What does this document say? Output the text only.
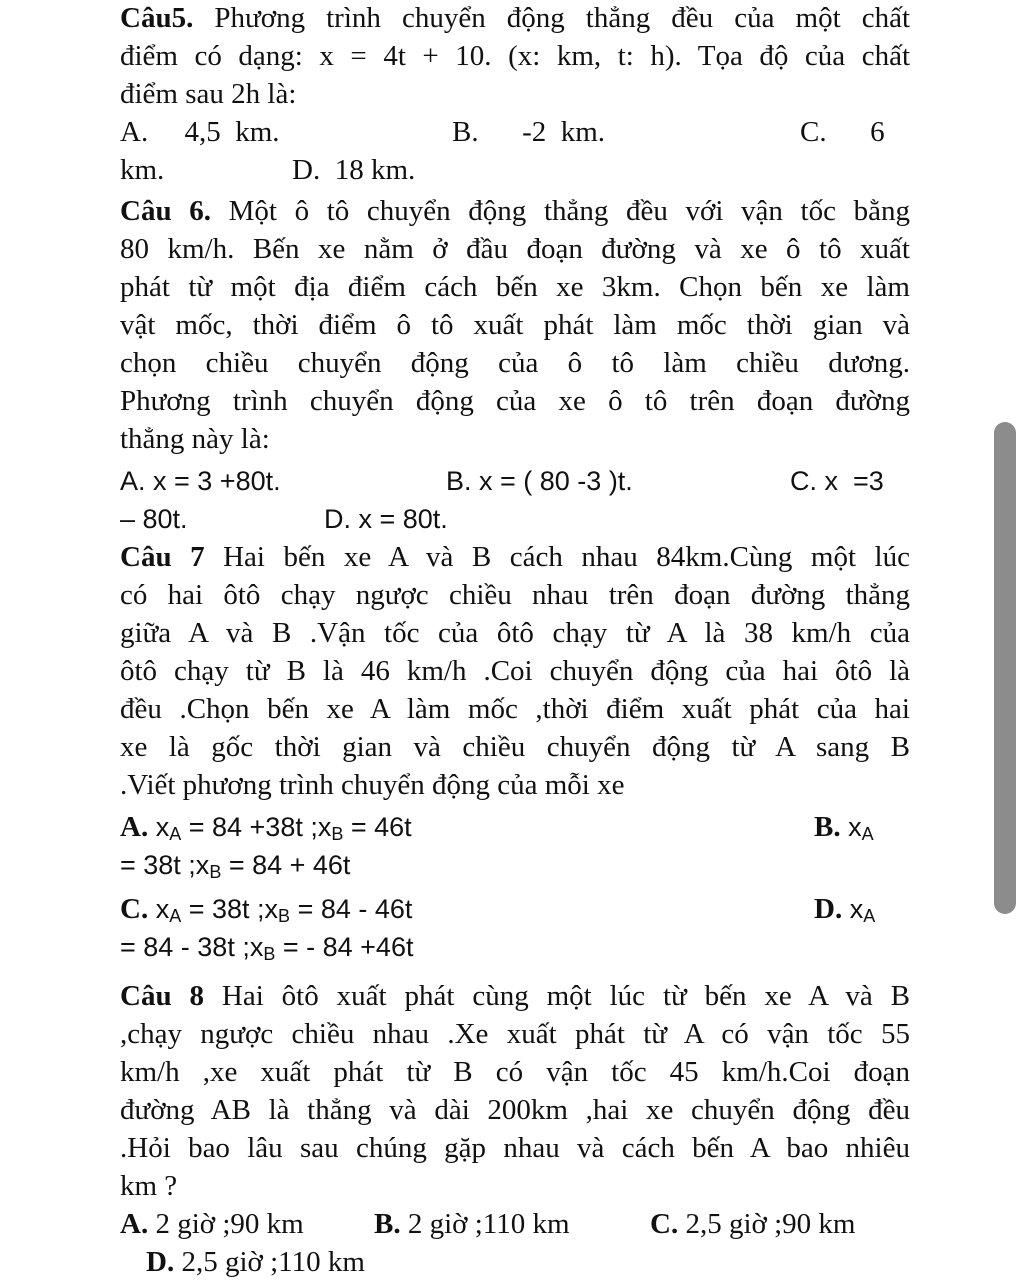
Câu5. Phương trình chuyển động thẳng đều của một chất
điểm có dạng: x = 4t + 10. (x: km, t: h). Tọa độ của chất
điểm sau 2h là:
A.     4,5  km.	B.      -2  km.	C.      6
km.	D.  18 km.
Câu 6. Một ô tô chuyển động thẳng đều với vận tốc bằng
80 km/h. Bến xe nằm ở đầu đoạn đường và xe ô tô xuất
phát từ một địa điểm cách bến xe 3km. Chọn bến xe làm
vật mốc, thời điểm ô tô xuất phát làm mốc thời gian và
chọn chiều chuyển động của ô tô làm chiều dương.
Phương trình chuyển động của xe ô tô trên đoạn đường
thẳng này là:
A. x = 3 +80t.	B. x = ( 80 -3 )t.	C. x  =3
– 80t.	D. x = 80t.
Câu 7 Hai bến xe A và B cách nhau 84km.Cùng một lúc
có hai ôtô chạy ngược chiều nhau trên đoạn đường thẳng
giữa A và B .Vận tốc của ôtô chạy từ A là 38 km/h của
ôtô chạy từ B là 46 km/h .Coi chuyển động của hai ôtô là
đều .Chọn bến xe A làm mốc ,thời điểm xuất phát của hai
xe là gốc thời gian và chiều chuyển động từ A sang B
.Viết phương trình chuyển động của mỗi xe
A. $x_A = 84 +38t$ $;x_B = 46t$	B. $x_A$
= 38t $;x_B = 84 + 46t$
C. $x_A = 38t$ $;x_B = 84 - 46t$	D. $x_A$
= 84 - 38t $;x_B$ = - 84 +46t
Câu 8 Hai ôtô xuất phát cùng một lúc từ bến xe A và B
,chạy ngược chiều nhau .Xe xuất phát từ A có vận tốc 55
km/h ,xe xuất phát từ B có vận tốc 45 km/h.Coi đoạn
đường AB là thẳng và dài 200km ,hai xe chuyển động đều
.Hỏi bao lâu sau chúng gặp nhau và cách bến A bao nhiêu
km ?
A. 2 giờ ;90 km B. 2 giờ ;110 km	C. 2,5 giờ ;90 km
D. 2,5 giờ ;110 km
